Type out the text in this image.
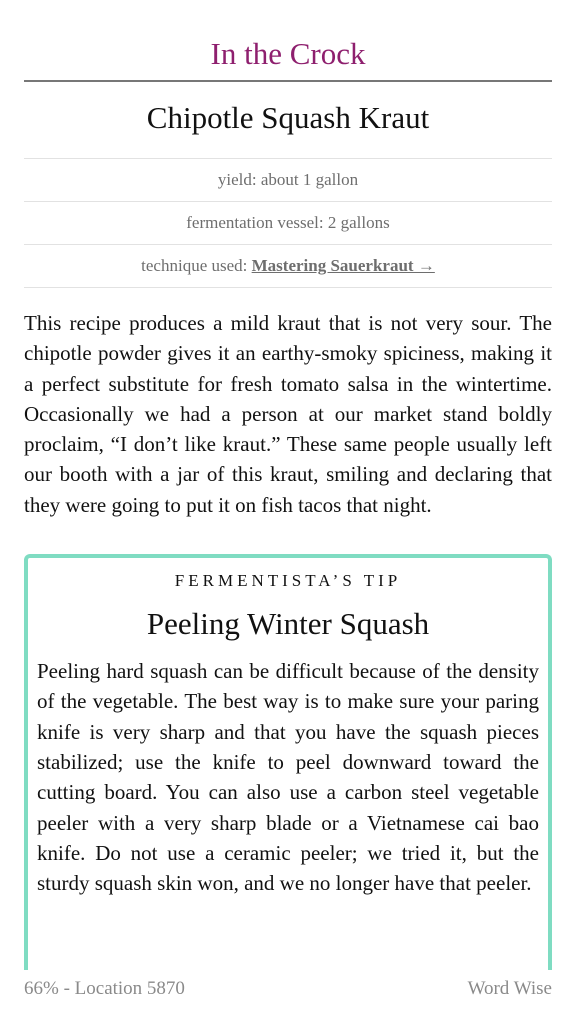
In the Crock
Chipotle Squash Kraut
yield: about 1 gallon
fermentation vessel: 2 gallons
technique used: Mastering Sauerkraut →

This recipe produces a mild kraut that is not very sour. The chipotle powder gives it an earthy-smoky spiciness, making it a perfect substitute for fresh tomato salsa in the wintertime. Occasionally we had a person at our market stand boldly proclaim, “I don’t like kraut.” These same people usually left our booth with a jar of this kraut, smiling and declaring that they were going to put it on fish tacos that night.

FERMENTISTA’S TIP
Peeling Winter Squash

Peeling hard squash can be difficult because of the density of the vegetable. The best way is to make sure your paring knife is very sharp and that you have the squash pieces stabilized; use the knife to peel downward toward the cutting board. You can also use a carbon steel vegetable peeler with a very sharp blade or a Vietnamese cai bao knife. Do not use a ceramic peeler; we tried it, but the sturdy squash skin won, and we no longer have that peeler.

66% - Location 5870	Word Wise
